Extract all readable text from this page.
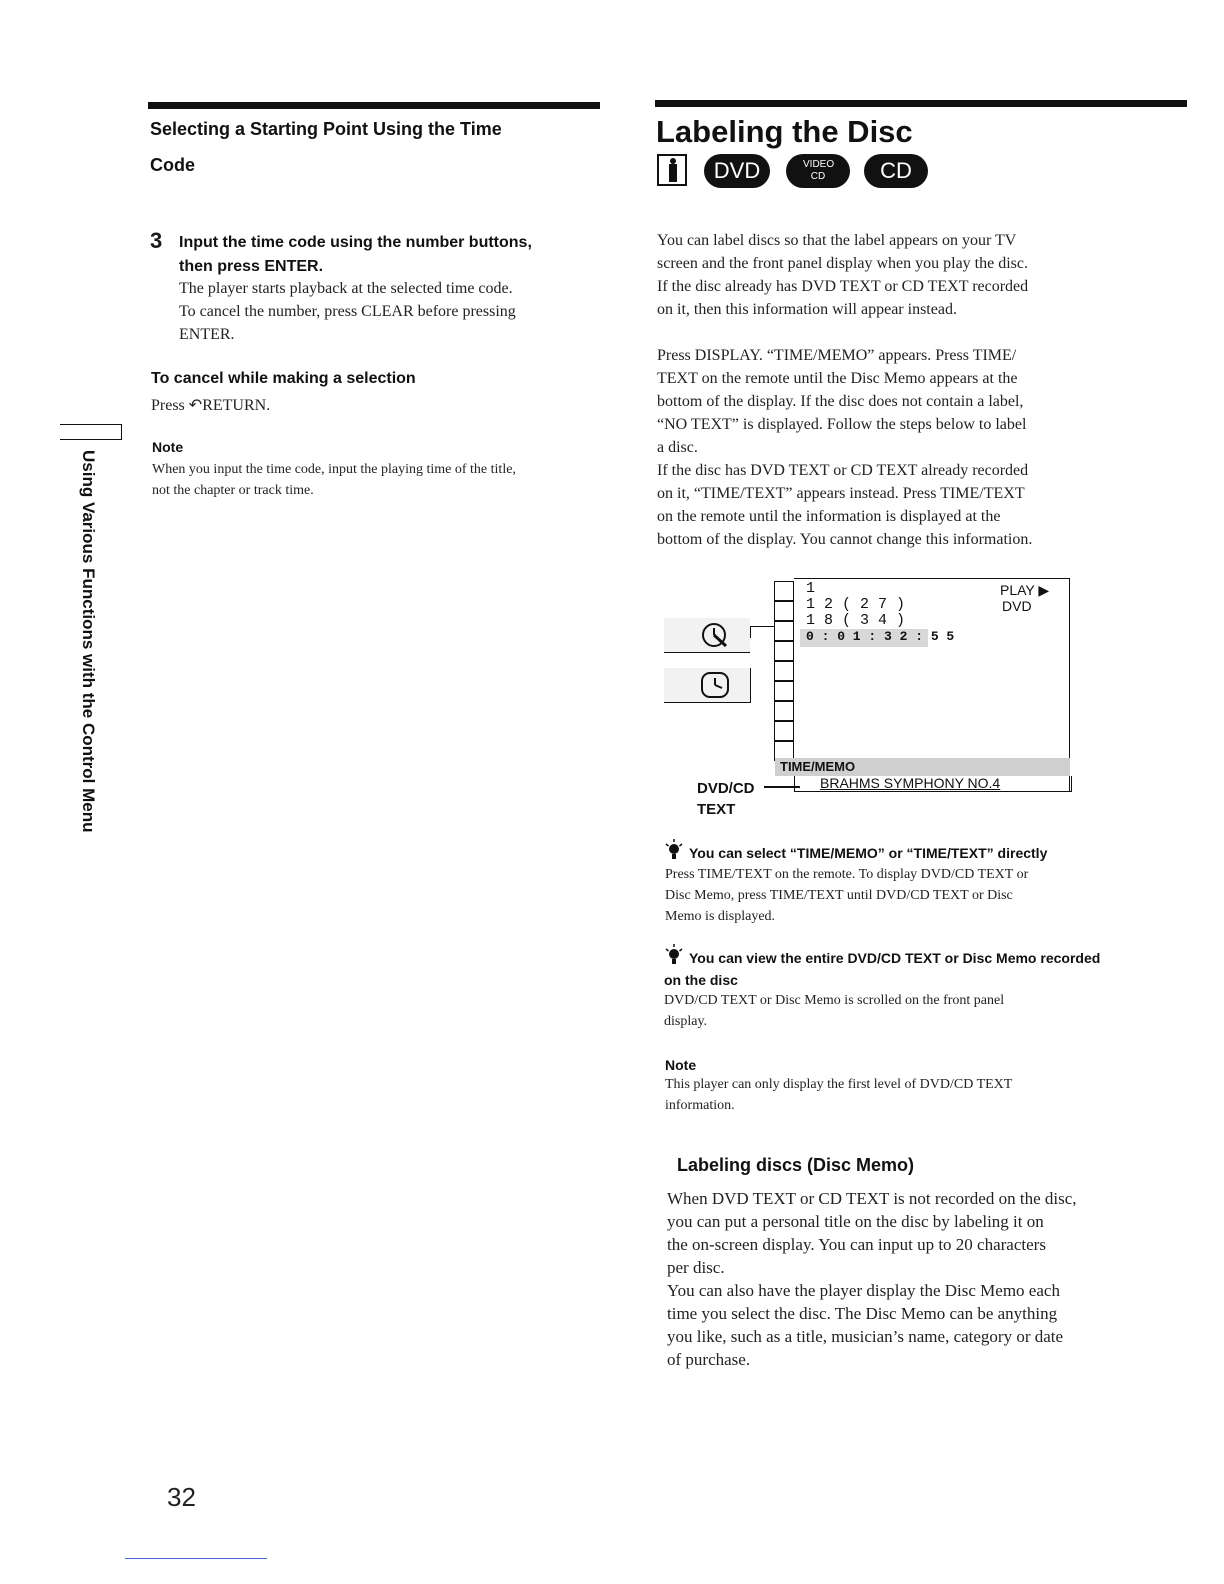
Selecting a Starting Point Using the Time
Code
3 Input the time code using the number buttons,
then press ENTER.
The player starts playback at the selected time code.
To cancel the number, press CLEAR before pressing
ENTER.
To cancel while making a selection
Press ↶RETURN.
Note
When you input the time code, input the playing time of the title,
not the chapter or track time.
Using Various Functions with the Control Menu
Labeling the Disc
DVD	VIDEO CD	CD
You can label discs so that the label appears on your TV
screen and the front panel display when you play the disc.
If the disc already has DVD TEXT or CD TEXT recorded
on it, then this information will appear instead.
Press DISPLAY. “TIME/MEMO” appears. Press TIME/
TEXT on the remote until the Disc Memo appears at the
bottom of the display. If the disc does not contain a label,
“NO TEXT” is displayed. Follow the steps below to label
a disc.
If the disc has DVD TEXT or CD TEXT already recorded
on it, “TIME/TEXT” appears instead. Press TIME/TEXT
on the remote until the information is displayed at the
bottom of the display. You cannot change this information.
1
1 2 ( 2 7 )
1 8 ( 3 4 )
0 : 0 1 : 3 2 : 5 5
PLAY ▶
DVD
TIME/MEMO
BRAHMS SYMPHONY NO.4
DVD/CD
TEXT
You can select “TIME/MEMO” or “TIME/TEXT” directly
Press TIME/TEXT on the remote. To display DVD/CD TEXT or
Disc Memo, press TIME/TEXT until DVD/CD TEXT or Disc
Memo is displayed.
You can view the entire DVD/CD TEXT or Disc Memo recorded
on the disc
DVD/CD TEXT or Disc Memo is scrolled on the front panel
display.
Note
This player can only display the first level of DVD/CD TEXT
information.
Labeling discs (Disc Memo)
When DVD TEXT or CD TEXT is not recorded on the disc,
you can put a personal title on the disc by labeling it on
the on-screen display. You can input up to 20 characters
per disc.
You can also have the player display the Disc Memo each
time you select the disc. The Disc Memo can be anything
you like, such as a title, musician’s name, category or date
of purchase.
32
